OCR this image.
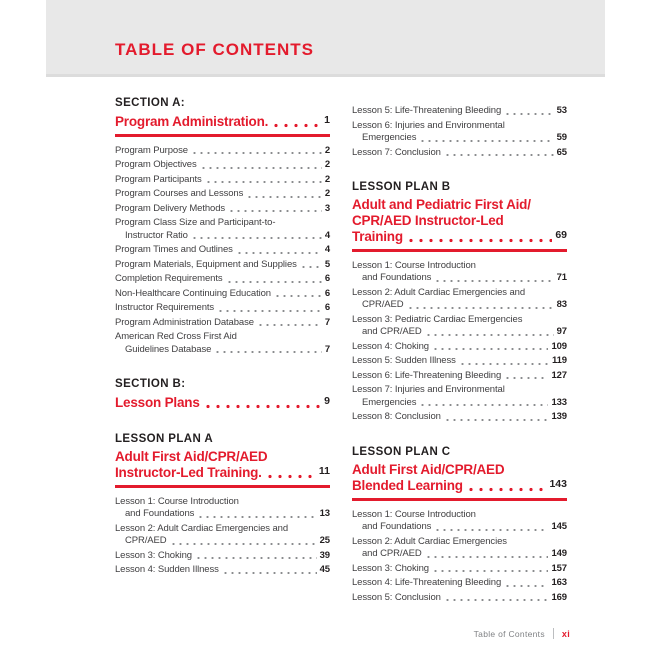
TABLE OF CONTENTS
SECTION A:
Program Administration.	1
Program Purpose	2
Program Objectives	2
Program Participants	2
Program Courses and Lessons	2
Program Delivery Methods	3
Program Class Size and Participant-to-
Instructor Ratio	4
Program Times and Outlines	4
Program Materials, Equipment and Supplies	5
Completion Requirements	6
Non-Healthcare Continuing Education	6
Instructor Requirements	6
Program Administration Database	7
American Red Cross First Aid
Guidelines Database	7
SECTION B:
Lesson Plans	9
LESSON PLAN A
Adult First Aid/CPR/AED
Instructor-Led Training.	11
Lesson 1: Course Introduction
and Foundations	13
Lesson 2: Adult Cardiac Emergencies and
CPR/AED	25
Lesson 3: Choking	39
Lesson 4: Sudden Illness	45
Lesson 5: Life-Threatening Bleeding	53
Lesson 6: Injuries and Environmental
Emergencies	59
Lesson 7: Conclusion	65
LESSON PLAN B
Adult and Pediatric First Aid/
CPR/AED Instructor-Led
Training	69
Lesson 1: Course Introduction
and Foundations	71
Lesson 2: Adult Cardiac Emergencies and
CPR/AED	83
Lesson 3: Pediatric Cardiac Emergencies
and CPR/AED	97
Lesson 4: Choking	109
Lesson 5: Sudden Illness	119
Lesson 6: Life-Threatening Bleeding	127
Lesson 7: Injuries and Environmental
Emergencies	133
Lesson 8: Conclusion	139
LESSON PLAN C
Adult First Aid/CPR/AED
Blended Learning	143
Lesson 1: Course Introduction
and Foundations	145
Lesson 2: Adult Cardiac Emergencies
and CPR/AED	149
Lesson 3: Choking	157
Lesson 4: Life-Threatening Bleeding	163
Lesson 5: Conclusion	169
Table of Contents xi
